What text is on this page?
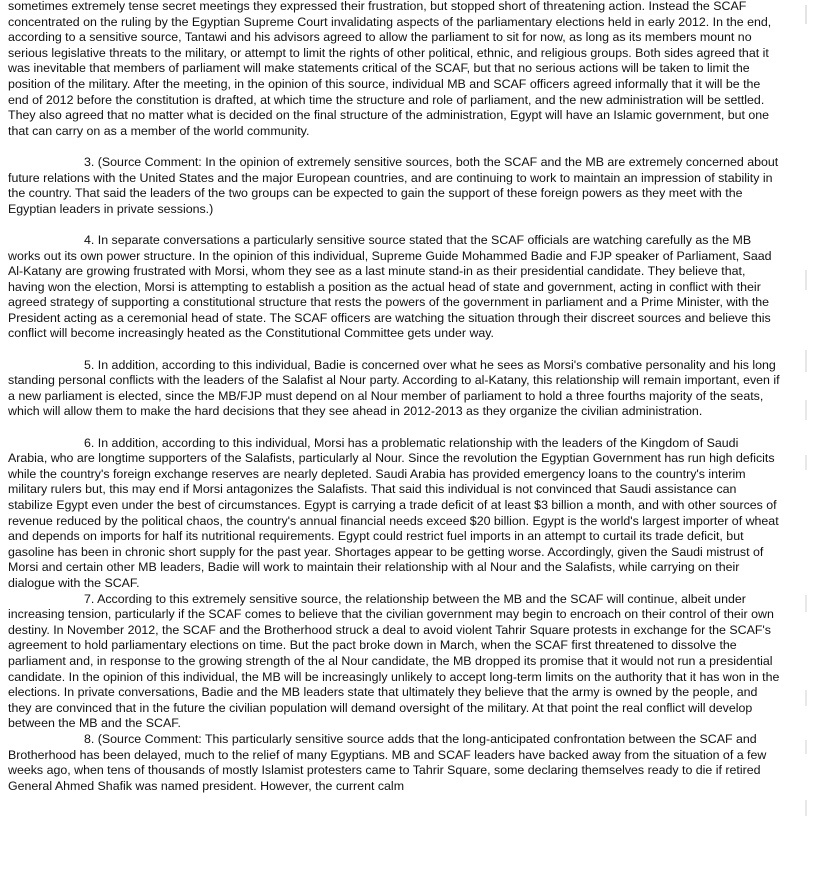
sometimes extremely tense secret meetings they expressed their frustration, but stopped short of threatening action. Instead the SCAF concentrated on the ruling by the Egyptian Supreme Court invalidating aspects of the parliamentary elections held in early 2012. In the end, according to a sensitive source, Tantawi and his advisors agreed to allow the parliament to sit for now, as long as its members mount no serious legislative threats to the military, or attempt to limit the rights of other political, ethnic, and religious groups. Both sides agreed that it was inevitable that members of parliament will make statements critical of the SCAF, but that no serious actions will be taken to limit the position of the military. After the meeting, in the opinion of this source, individual MB and SCAF officers agreed informally that it will be the end of 2012 before the constitution is drafted, at which time the structure and role of parliament, and the new administration will be settled. They also agreed that no matter what is decided on the final structure of the administration, Egypt will have an Islamic government, but one that can carry on as a member of the world community.

3. (Source Comment: In the opinion of extremely sensitive sources, both the SCAF and the MB are extremely concerned about future relations with the United States and the major European countries, and are continuing to work to maintain an impression of stability in the country. That said the leaders of the two groups can be expected to gain the support of these foreign powers as they meet with the Egyptian leaders in private sessions.)

4. In separate conversations a particularly sensitive source stated that the SCAF officials are watching carefully as the MB works out its own power structure. In the opinion of this individual, Supreme Guide Mohammed Badie and FJP speaker of Parliament, Saad Al-Katany are growing frustrated with Morsi, whom they see as a last minute stand-in as their presidential candidate. They believe that, having won the election, Morsi is attempting to establish a position as the actual head of state and government, acting in conflict with their agreed strategy of supporting a constitutional structure that rests the powers of the government in parliament and a Prime Minister, with the President acting as a ceremonial head of state. The SCAF officers are watching the situation through their discreet sources and believe this conflict will become increasingly heated as the Constitutional Committee gets under way.

5. In addition, according to this individual, Badie is concerned over what he sees as Morsi's combative personality and his long standing personal conflicts with the leaders of the Salafist al Nour party. According to al-Katany, this relationship will remain important, even if a new parliament is elected, since the MB/FJP must depend on al Nour member of parliament to hold a three fourths majority of the seats, which will allow them to make the hard decisions that they see ahead in 2012-2013 as they organize the civilian administration.

6. In addition, according to this individual, Morsi has a problematic relationship with the leaders of the Kingdom of Saudi Arabia, who are longtime supporters of the Salafists, particularly al Nour. Since the revolution the Egyptian Government has run high deficits while the country's foreign exchange reserves are nearly depleted. Saudi Arabia has provided emergency loans to the country's interim military rulers but, this may end if Morsi antagonizes the Salafists. That said this individual is not convinced that Saudi assistance can stabilize Egypt even under the best of circumstances. Egypt is carrying a trade deficit of at least $3 billion a month, and with other sources of revenue reduced by the political chaos, the country's annual financial needs exceed $20 billion. Egypt is the world's largest importer of wheat and depends on imports for half its nutritional requirements. Egypt could restrict fuel imports in an attempt to curtail its trade deficit, but gasoline has been in chronic short supply for the past year. Shortages appear to be getting worse. Accordingly, given the Saudi mistrust of Morsi and certain other MB leaders, Badie will work to maintain their relationship with al Nour and the Salafists, while carrying on their dialogue with the SCAF.

7. According to this extremely sensitive source, the relationship between the MB and the SCAF will continue, albeit under increasing tension, particularly if the SCAF comes to believe that the civilian government may begin to encroach on their control of their own destiny. In November 2012, the SCAF and the Brotherhood struck a deal to avoid violent Tahrir Square protests in exchange for the SCAF's agreement to hold parliamentary elections on time. But the pact broke down in March, when the SCAF first threatened to dissolve the parliament and, in response to the growing strength of the al Nour candidate, the MB dropped its promise that it would not run a presidential candidate. In the opinion of this individual, the MB will be increasingly unlikely to accept long-term limits on the authority that it has won in the elections. In private conversations, Badie and the MB leaders state that ultimately they believe that the army is owned by the people, and they are convinced that in the future the civilian population will demand oversight of the military. At that point the real conflict will develop between the MB and the SCAF.

8. (Source Comment: This particularly sensitive source adds that the long-anticipated confrontation between the SCAF and Brotherhood has been delayed, much to the relief of many Egyptians. MB and SCAF leaders have backed away from the situation of a few weeks ago, when tens of thousands of mostly Islamist protesters came to Tahrir Square, some declaring themselves ready to die if retired General Ahmed Shafik was named president. However, the current calm
